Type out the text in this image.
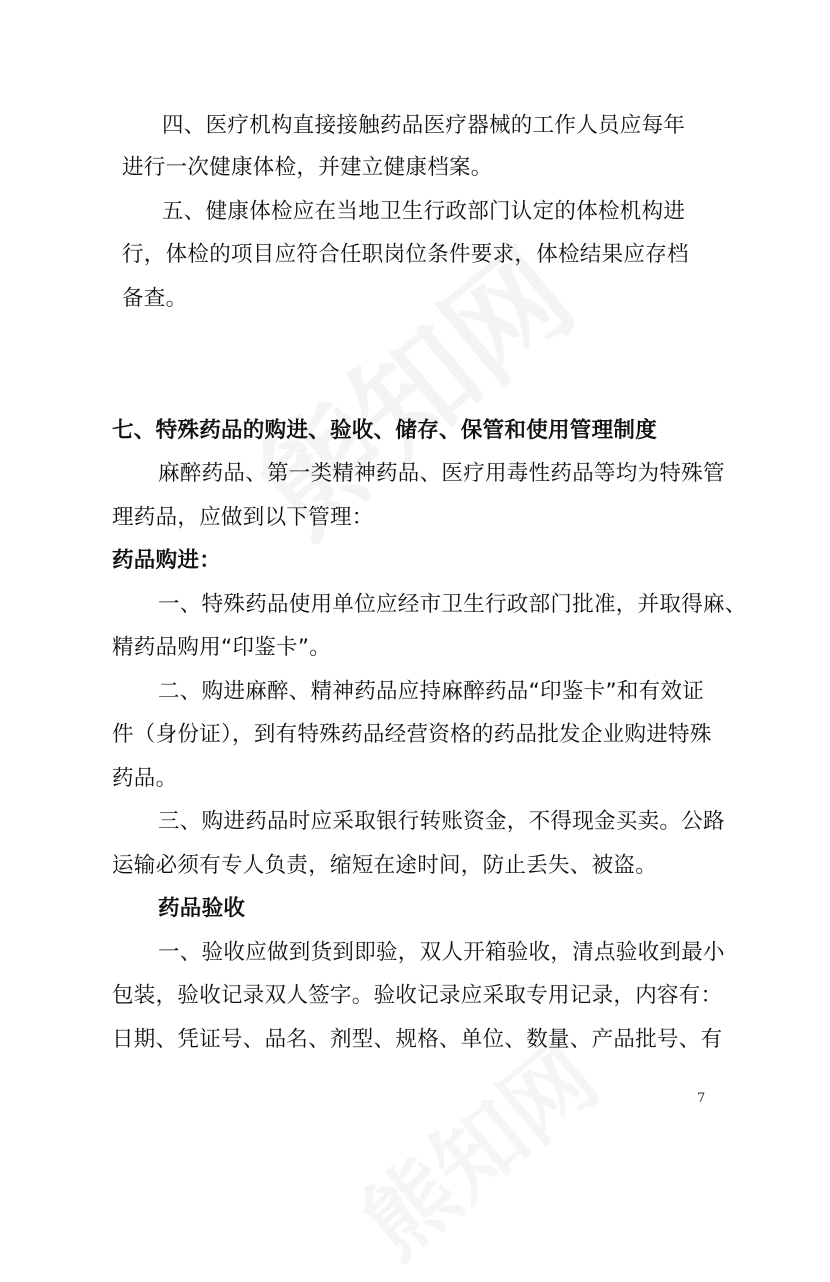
四、医疗机构直接接触药品医疗器械的工作人员应每年
进行一次健康体检，并建立健康档案。
五、健康体检应在当地卫生行政部门认定的体检机构进
行，体检的项目应符合任职岗位条件要求，体检结果应存档
备查。
七、特殊药品的购进、验收、储存、保管和使用管理制度
麻醉药品、第一类精神药品、医疗用毒性药品等均为特殊管
理药品，应做到以下管理：
药品购进：
一、特殊药品使用单位应经市卫生行政部门批准，并取得麻、
精药品购用“印鉴卡”。
二、购进麻醉、精神药品应持麻醉药品“印鉴卡”和有效证
件（身份证），到有特殊药品经营资格的药品批发企业购进特殊
药品。
三、购进药品时应采取银行转账资金，不得现金买卖。公路
运输必须有专人负责，缩短在途时间，防止丢失、被盗。
药品验收
一、验收应做到货到即验，双人开箱验收，清点验收到最小
包装，验收记录双人签字。验收记录应采取专用记录，内容有：
日期、凭证号、品名、剂型、规格、单位、数量、产品批号、有
7
